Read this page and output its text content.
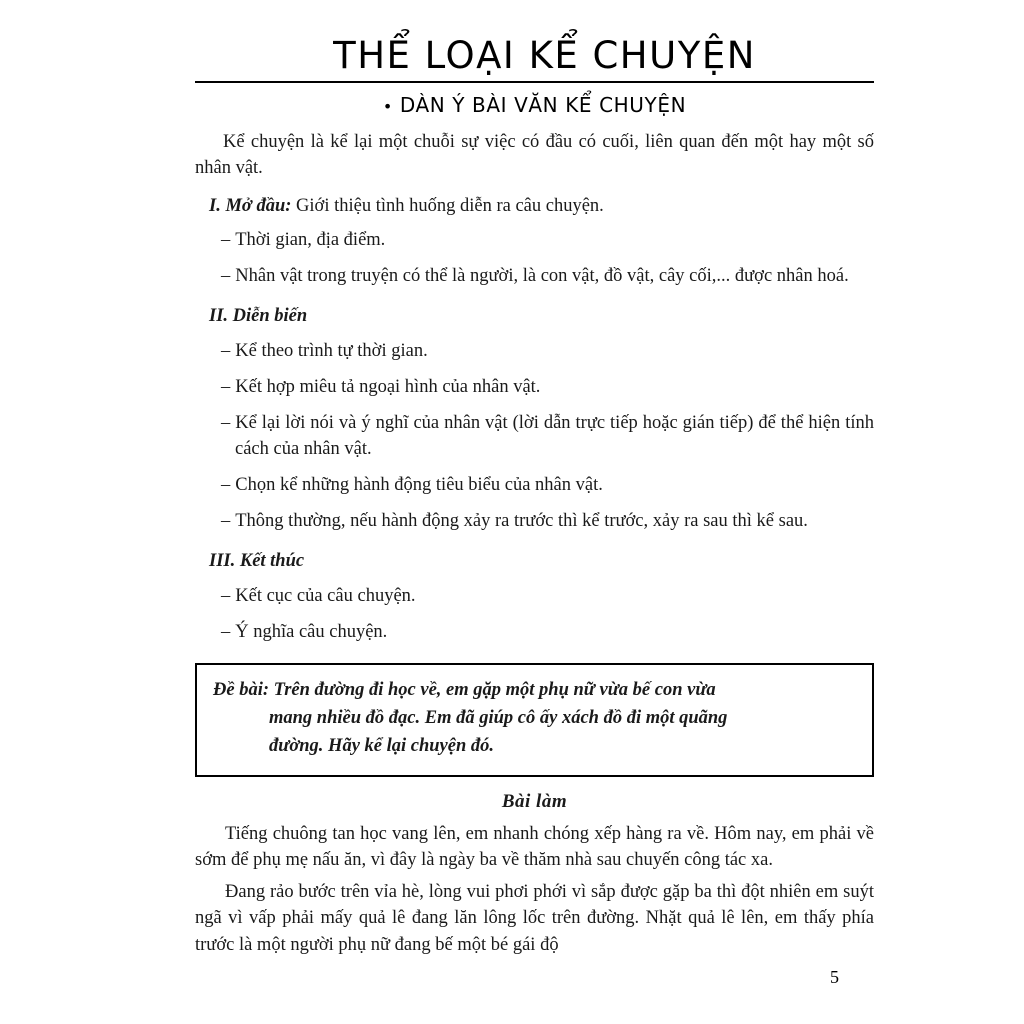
THỂ LOẠI KỂ CHUYỆN
• DÀN Ý BÀI VĂN KỂ CHUYỆN

Kể chuyện là kể lại một chuỗi sự việc có đầu có cuối, liên quan đến một hay một số nhân vật.

I. Mở đầu: Giới thiệu tình huống diễn ra câu chuyện.

– Thời gian, địa điểm.

– Nhân vật trong truyện có thể là người, là con vật, đồ vật, cây cối,... được nhân hoá.

II. Diễn biến

– Kể theo trình tự thời gian.

– Kết hợp miêu tả ngoại hình của nhân vật.

– Kể lại lời nói và ý nghĩ của nhân vật (lời dẫn trực tiếp hoặc gián tiếp) để thể hiện tính cách của nhân vật.

– Chọn kể những hành động tiêu biểu của nhân vật.

– Thông thường, nếu hành động xảy ra trước thì kể trước, xảy ra sau thì kể sau.

III. Kết thúc

– Kết cục của câu chuyện.

– Ý nghĩa câu chuyện.

Đề bài: Trên đường đi học về, em gặp một phụ nữ vừa bế con vừa

mang nhiều đồ đạc. Em đã giúp cô ấy xách đồ đi một quãng

đường. Hãy kể lại chuyện đó.

Bài làm

Tiếng chuông tan học vang lên, em nhanh chóng xếp hàng ra về. Hôm nay, em phải về sớm để phụ mẹ nấu ăn, vì đây là ngày ba về thăm nhà sau chuyến công tác xa.

Đang rảo bước trên vỉa hè, lòng vui phơi phới vì sắp được gặp ba thì đột nhiên em suýt ngã vì vấp phải mấy quả lê đang lăn lông lốc trên đường. Nhặt quả lê lên, em thấy phía trước là một người phụ nữ đang bế một bé gái độ

5
